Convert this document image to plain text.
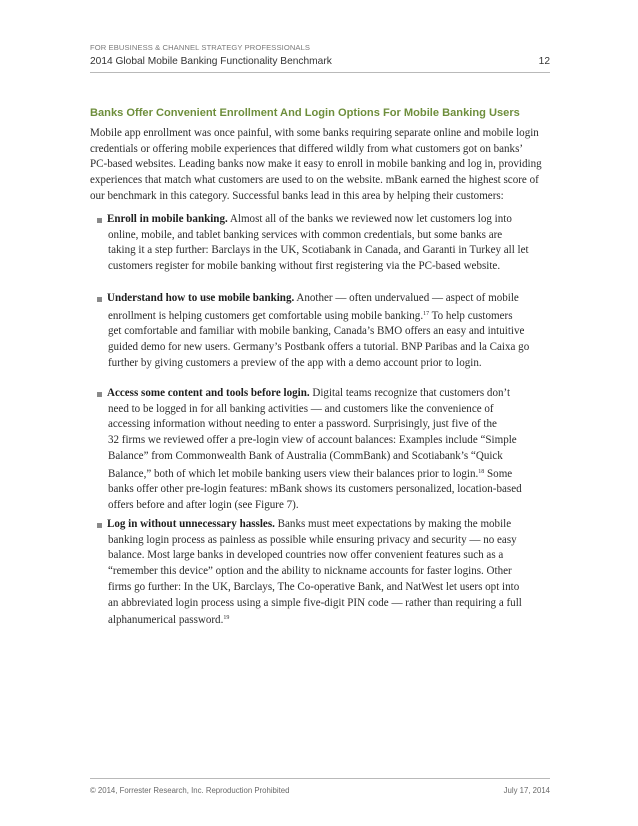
FOR EBUSINESS & CHANNEL STRATEGY PROFESSIONALS
2014 Global Mobile Banking Functionality Benchmark	12
Banks Offer Convenient Enrollment And Login Options For Mobile Banking Users
Mobile app enrollment was once painful, with some banks requiring separate online and mobile login
credentials or offering mobile experiences that differed wildly from what customers got on banks’
PC-based websites. Leading banks now make it easy to enroll in mobile banking and log in, providing
experiences that match what customers are used to on the website. mBank earned the highest score of
our benchmark in this category. Successful banks lead in this area by helping their customers:
Enroll in mobile banking. Almost all of the banks we reviewed now let customers log into
online, mobile, and tablet banking services with common credentials, but some banks are
taking it a step further: Barclays in the UK, Scotiabank in Canada, and Garanti in Turkey all let
customers register for mobile banking without first registering via the PC-based website.
Understand how to use mobile banking. Another — often undervalued — aspect of mobile
enrollment is helping customers get comfortable using mobile banking.$^{17}$ To help customers
get comfortable and familiar with mobile banking, Canada’s BMO offers an easy and intuitive
guided demo for new users. Germany’s Postbank offers a tutorial. BNP Paribas and la Caixa go
further by giving customers a preview of the app with a demo account prior to login.
Access some content and tools before login. Digital teams recognize that customers don’t
need to be logged in for all banking activities — and customers like the convenience of
accessing information without needing to enter a password. Surprisingly, just five of the
32 firms we reviewed offer a pre-login view of account balances: Examples include “Simple
Balance” from Commonwealth Bank of Australia (CommBank) and Scotiabank’s “Quick
Balance,” both of which let mobile banking users view their balances prior to login.$^{18}$ Some
banks offer other pre-login features: mBank shows its customers personalized, location-based
offers before and after login (see Figure 7).
Log in without unnecessary hassles. Banks must meet expectations by making the mobile
banking login process as painless as possible while ensuring privacy and security — no easy
balance. Most large banks in developed countries now offer convenient features such as a
“remember this device” option and the ability to nickname accounts for faster logins. Other
firms go further: In the UK, Barclays, The Co-operative Bank, and NatWest let users opt into
an abbreviated login process using a simple five-digit PIN code — rather than requiring a full
alphanumerical password.$^{19}$
© 2014, Forrester Research, Inc. Reproduction Prohibited	July 17, 2014
